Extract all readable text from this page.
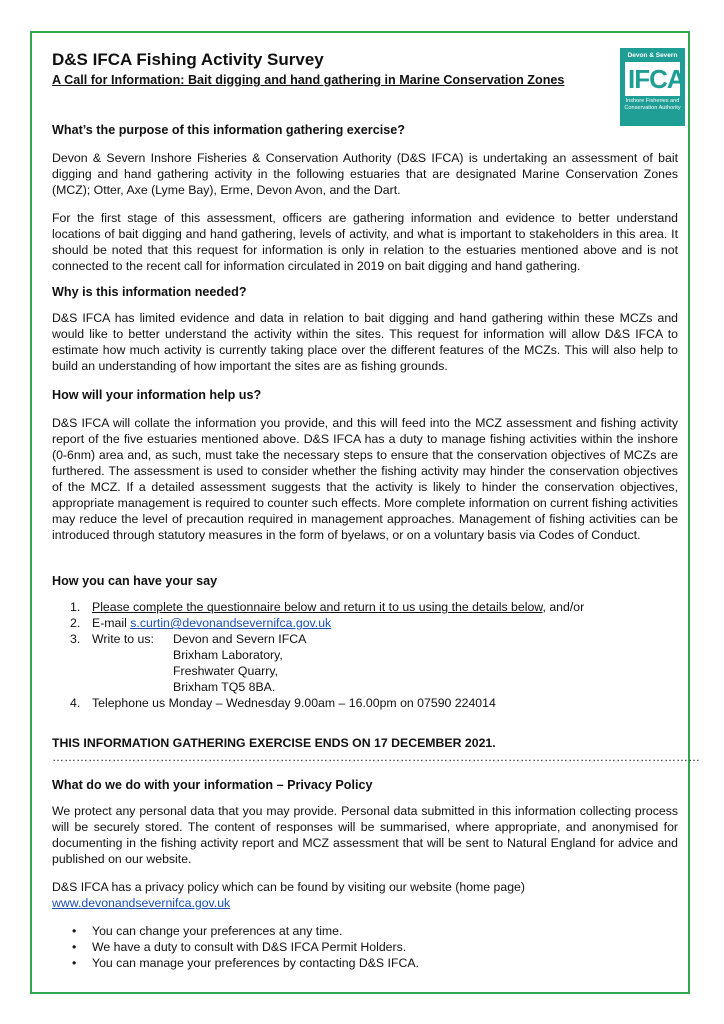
Devon & Severn
IFCA
Inshore Fisheries and Conservation Authority
D&S IFCA Fishing Activity Survey
A Call for Information: Bait digging and hand gathering in Marine Conservation Zones
What’s the purpose of this information gathering exercise?

Devon & Severn Inshore Fisheries & Conservation Authority (D&S IFCA) is undertaking an assessment of bait digging and hand gathering activity in the following estuaries that are designated Marine Conservation Zones (MCZ); Otter, Axe (Lyme Bay), Erme, Devon Avon, and the Dart.

For the first stage of this assessment, officers are gathering information and evidence to better understand locations of bait digging and hand gathering, levels of activity, and what is important to stakeholders in this area. It should be noted that this request for information is only in relation to the estuaries mentioned above and is not connected to the recent call for information circulated in 2019 on bait digging and hand gathering.

Why is this information needed?

D&S IFCA has limited evidence and data in relation to bait digging and hand gathering within these MCZs and would like to better understand the activity within the sites. This request for information will allow D&S IFCA to estimate how much activity is currently taking place over the different features of the MCZs. This will also help to build an understanding of how important the sites are as fishing grounds.

How will your information help us?

D&S IFCA will collate the information you provide, and this will feed into the MCZ assessment and fishing activity report of the five estuaries mentioned above. D&S IFCA has a duty to manage fishing activities within the inshore (0-6nm) area and, as such, must take the necessary steps to ensure that the conservation objectives of MCZs are furthered. The assessment is used to consider whether the fishing activity may hinder the conservation objectives of the MCZ. If a detailed assessment suggests that the activity is likely to hinder the conservation objectives, appropriate management is required to counter such effects. More complete information on current fishing activities may reduce the level of precaution required in management approaches. Management of fishing activities can be introduced through statutory measures in the form of byelaws, or on a voluntary basis via Codes of Conduct.

How you can have your say
1. Please complete the questionnaire below and return it to us using the details below, and/or
2. E-mail s.curtin@devonandsevernifca.gov.uk
3. Write to us:	Devon and Severn IFCA
Brixham Laboratory,
Freshwater Quarry,
Brixham TQ5 8BA.
4. Telephone us Monday – Wednesday 9.00am – 16.00pm on 07590 224014
THIS INFORMATION GATHERING EXERCISE ENDS ON 17 DECEMBER 2021.
………………………………………………………………………………………………………………………………………………
What do we do with your information – Privacy Policy

We protect any personal data that you may provide. Personal data submitted in this information collecting process will be securely stored. The content of responses will be summarised, where appropriate, and anonymised for documenting in the fishing activity report and MCZ assessment that will be sent to Natural England for advice and published on our website.

D&S IFCA has a privacy policy which can be found by visiting our website (home page)
www.devonandsevernifca.gov.uk

• You can change your preferences at any time.
• We have a duty to consult with D&S IFCA Permit Holders.
• You can manage your preferences by contacting D&S IFCA.
